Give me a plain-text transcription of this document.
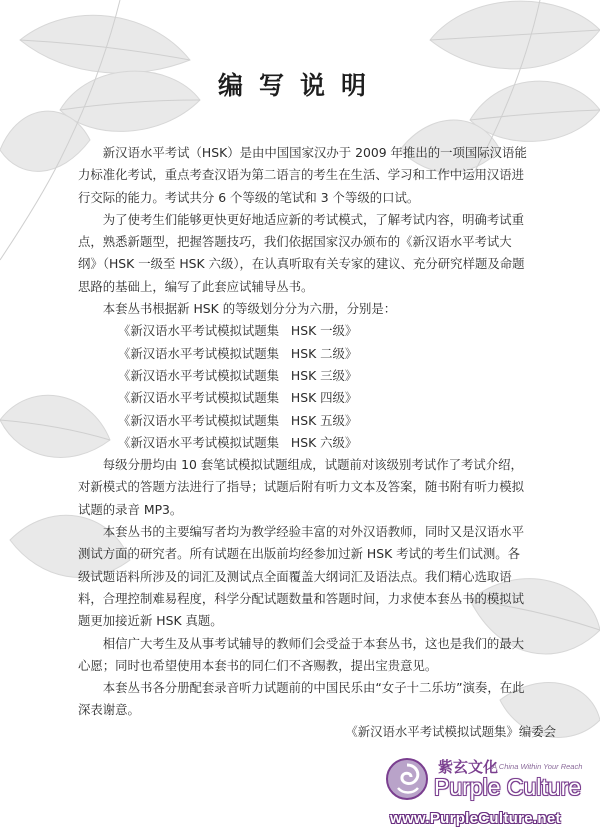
编写说明

新汉语水平考试（HSK）是由中国国家汉办于 2009 年推出的一项国际汉语能力标准化考试，重点考查汉语为第二语言的考生在生活、学习和工作中运用汉语进行交际的能力。考试共分 6 个等级的笔试和 3 个等级的口试。

为了使考生们能够更快更好地适应新的考试模式，了解考试内容，明确考试重点，熟悉新题型，把握答题技巧，我们依据国家汉办颁布的《新汉语水平考试大纲》（HSK 一级至 HSK 六级），在认真听取有关专家的建议、充分研究样题及命题思路的基础上，编写了此套应试辅导丛书。

本套丛书根据新 HSK 的等级划分分为六册，分别是：

《新汉语水平考试模拟试题集   HSK 一级》
《新汉语水平考试模拟试题集   HSK 二级》
《新汉语水平考试模拟试题集   HSK 三级》
《新汉语水平考试模拟试题集   HSK 四级》
《新汉语水平考试模拟试题集   HSK 五级》
《新汉语水平考试模拟试题集   HSK 六级》

每级分册均由 10 套笔试模拟试题组成，试题前对该级别考试作了考试介绍，对新模式的答题方法进行了指导；试题后附有听力文本及答案，随书附有听力模拟试题的录音 MP3。

本套丛书的主要编写者均为教学经验丰富的对外汉语教师，同时又是汉语水平测试方面的研究者。所有试题在出版前均经参加过新 HSK 考试的考生们试测。各级试题语料所涉及的词汇及测试点全面覆盖大纲词汇及语法点。我们精心选取语料，合理控制难易程度，科学分配试题数量和答题时间，力求使本套丛书的模拟试题更加接近新 HSK 真题。

相信广大考生及从事考试辅导的教师们会受益于本套丛书，这也是我们的最大心愿；同时也希望使用本套书的同仁们不吝赐教，提出宝贵意见。

本套丛书各分册配套录音听力试题前的中国民乐由“女子十二乐坊”演奏，在此深表谢意。

《新汉语水平考试模拟试题集》编委会
紫玄文化
A China Within Your Reach
Purple Culture
www.PurpleCulture.net
